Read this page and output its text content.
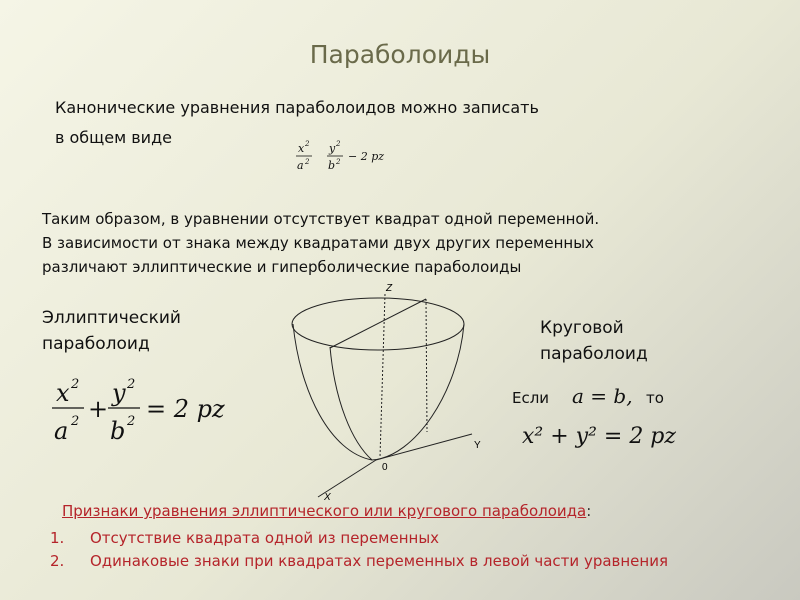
Параболоиды
Канонические уравнения параболоидов можно записать
в общем виде
x 2
a 2
y 2
b 2 − 2 pz
Таким образом, в уравнении отсутствует квадрат одной переменной.
В зависимости от знака между квадратами двух других переменных
различают эллиптические и гиперболические параболоиды
Эллиптический
параболоид
x 2
a 2 +
y 2
b 2 = 2 pz
Z
Y
X
0
Круговой
параболоид
Если a = b, то
x² + y² = 2 pz
Признаки уравнения эллиптического или кругового параболоида:
1. Отсутствие квадрата одной из переменных
2. Одинаковые знаки при квадратах переменных в левой части уравнения
